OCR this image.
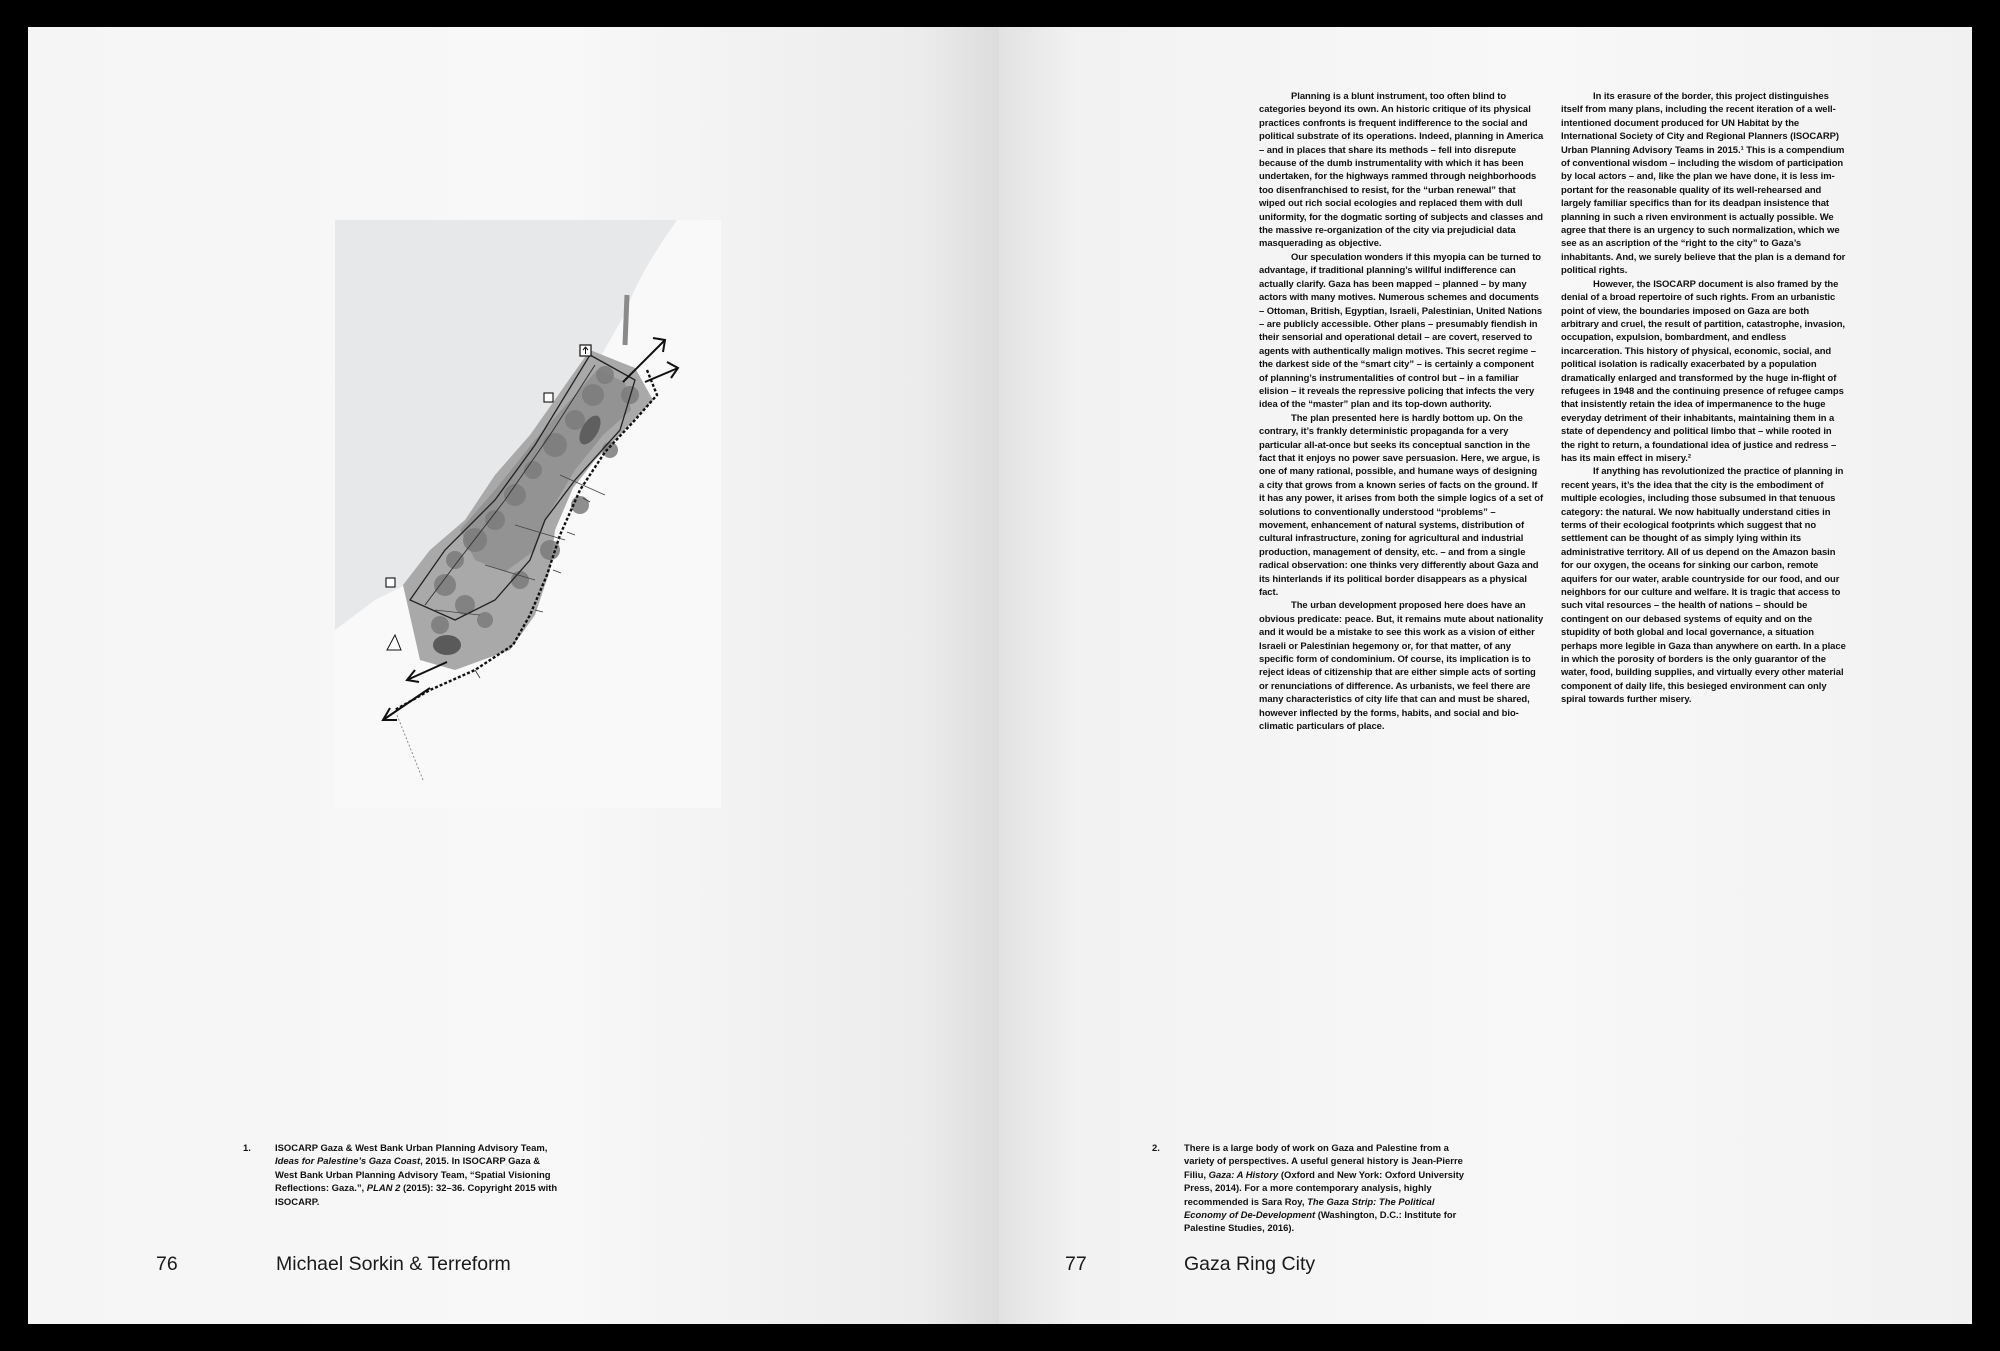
1.	ISOCARP Gaza & West Bank Urban Planning Advisory Team, Ideas for Palestine’s Gaza Coast, 2015. In ISOCARP Gaza & West Bank Urban Planning Advisory Team, “Spatial Visioning Reflections: Gaza.”, PLAN 2 (2015): 32–36. Copyright 2015 with ISOCARP.
76	Michael Sorkin & Terreform

Planning is a blunt instrument, too often blind to categories beyond its own. An historic critique of its physical practices confronts is frequent indifference to the social and political substrate of its operations. Indeed, planning in America – and in places that share its methods – fell into disrepute because of the dumb instrumentality with which it has been undertaken, for the highways rammed through neighborhoods too disenfranchised to resist, for the “urban renewal” that wiped out rich social ecologies and replaced them with dull uniformity, for the dogmatic sorting of subjects and classes and the massive re-organization of the city via prejudicial data masquerading as objective.

Our speculation wonders if this myopia can be turned to advantage, if traditional planning’s willful indifference can actually clarify. Gaza has been mapped – planned – by many actors with many motives. Numerous schemes and documents – Ottoman, British, Egyptian, Israeli, Palestinian, United Nations – are publicly accessible. Other plans – presumably fiendish in their sensorial and operational detail – are covert, reserved to agents with authentically malign motives. This secret regime – the darkest side of the “smart city” – is certainly a component of planning’s instrumentalities of control but – in a familiar elision – it reveals the repressive policing that infects the very idea of the “master” plan and its top-down authority.

The plan presented here is hardly bottom up. On the contrary, it’s frankly deterministic propaganda for a very particular all-at-once but seeks its conceptual sanction in the fact that it enjoys no power save persuasion. Here, we argue, is one of many rational, possible, and humane ways of designing a city that grows from a known series of facts on the ground. If it has any power, it arises from both the simple logics of a set of solutions to conventionally understood “problems” – movement, enhancement of natural systems, distribution of cultural infrastructure, zoning for agricultural and industrial production, management of density, etc. – and from a single radical observation: one thinks very differently about Gaza and its hinterlands if its political border disappears as a physical fact.

The urban development proposed here does have an obvious predicate: peace. But, it remains mute about nationality and it would be a mistake to see this work as a vision of either Israeli or Palestinian hegemony or, for that matter, of any specific form of condominium. Of course, its implication is to reject ideas of citizenship that are either simple acts of sorting or renunciations of difference. As urbanists, we feel there are many characteristics of city life that can and must be shared, however inflected by the forms, habits, and social and bio-climatic particulars of place.

In its erasure of the border, this project distinguishes itself from many plans, including the recent iteration of a well-intentioned document produced for UN Habitat by the International Society of City and Regional Planners (ISOCARP) Urban Planning Advisory Teams in 2015.¹ This is a compendium of conventional wisdom – including the wisdom of participation by local actors – and, like the plan we have done, it is less important for the reasonable quality of its well-rehearsed and largely familiar specifics than for its deadpan insistence that planning in such a riven environment is actually possible. We agree that there is an urgency to such normalization, which we see as an ascription of the “right to the city” to Gaza’s inhabitants. And, we surely believe that the plan is a demand for political rights.

However, the ISOCARP document is also framed by the denial of a broad repertoire of such rights. From an urbanistic point of view, the boundaries imposed on Gaza are both arbitrary and cruel, the result of partition, catastrophe, invasion, occupation, expulsion, bombardment, and endless incarceration. This history of physical, economic, social, and political isolation is radically exacerbated by a population dramatically enlarged and transformed by the huge in-flight of refugees in 1948 and the continuing presence of refugee camps that insistently retain the idea of impermanence to the huge everyday detriment of their inhabitants, maintaining them in a state of dependency and political limbo that – while rooted in the right to return, a foundational idea of justice and redress – has its main effect in misery.²

If anything has revolutionized the practice of planning in recent years, it’s the idea that the city is the embodiment of multiple ecologies, including those subsumed in that tenuous category: the natural. We now habitually understand cities in terms of their ecological footprints which suggest that no settlement can be thought of as simply lying within its administrative territory. All of us depend on the Amazon basin for our oxygen, the oceans for sinking our carbon, remote aquifers for our water, arable countryside for our food, and our neighbors for our culture and welfare. It is tragic that access to such vital resources – the health of nations – should be contingent on our debased systems of equity and on the stupidity of both global and local governance, a situation perhaps more legible in Gaza than anywhere on earth. In a place in which the porosity of borders is the only guarantor of the water, food, building supplies, and virtually every other material component of daily life, this besieged environment can only spiral towards further misery.

2.	There is a large body of work on Gaza and Palestine from a variety of perspectives. A useful general history is Jean-Pierre Filiu, Gaza: A History (Oxford and New York: Oxford University Press, 2014). For a more contemporary analysis, highly recommended is Sara Roy, The Gaza Strip: The Political Economy of De-Development (Washington, D.C.: Institute for Palestine Studies, 2016).
77	Gaza Ring City
